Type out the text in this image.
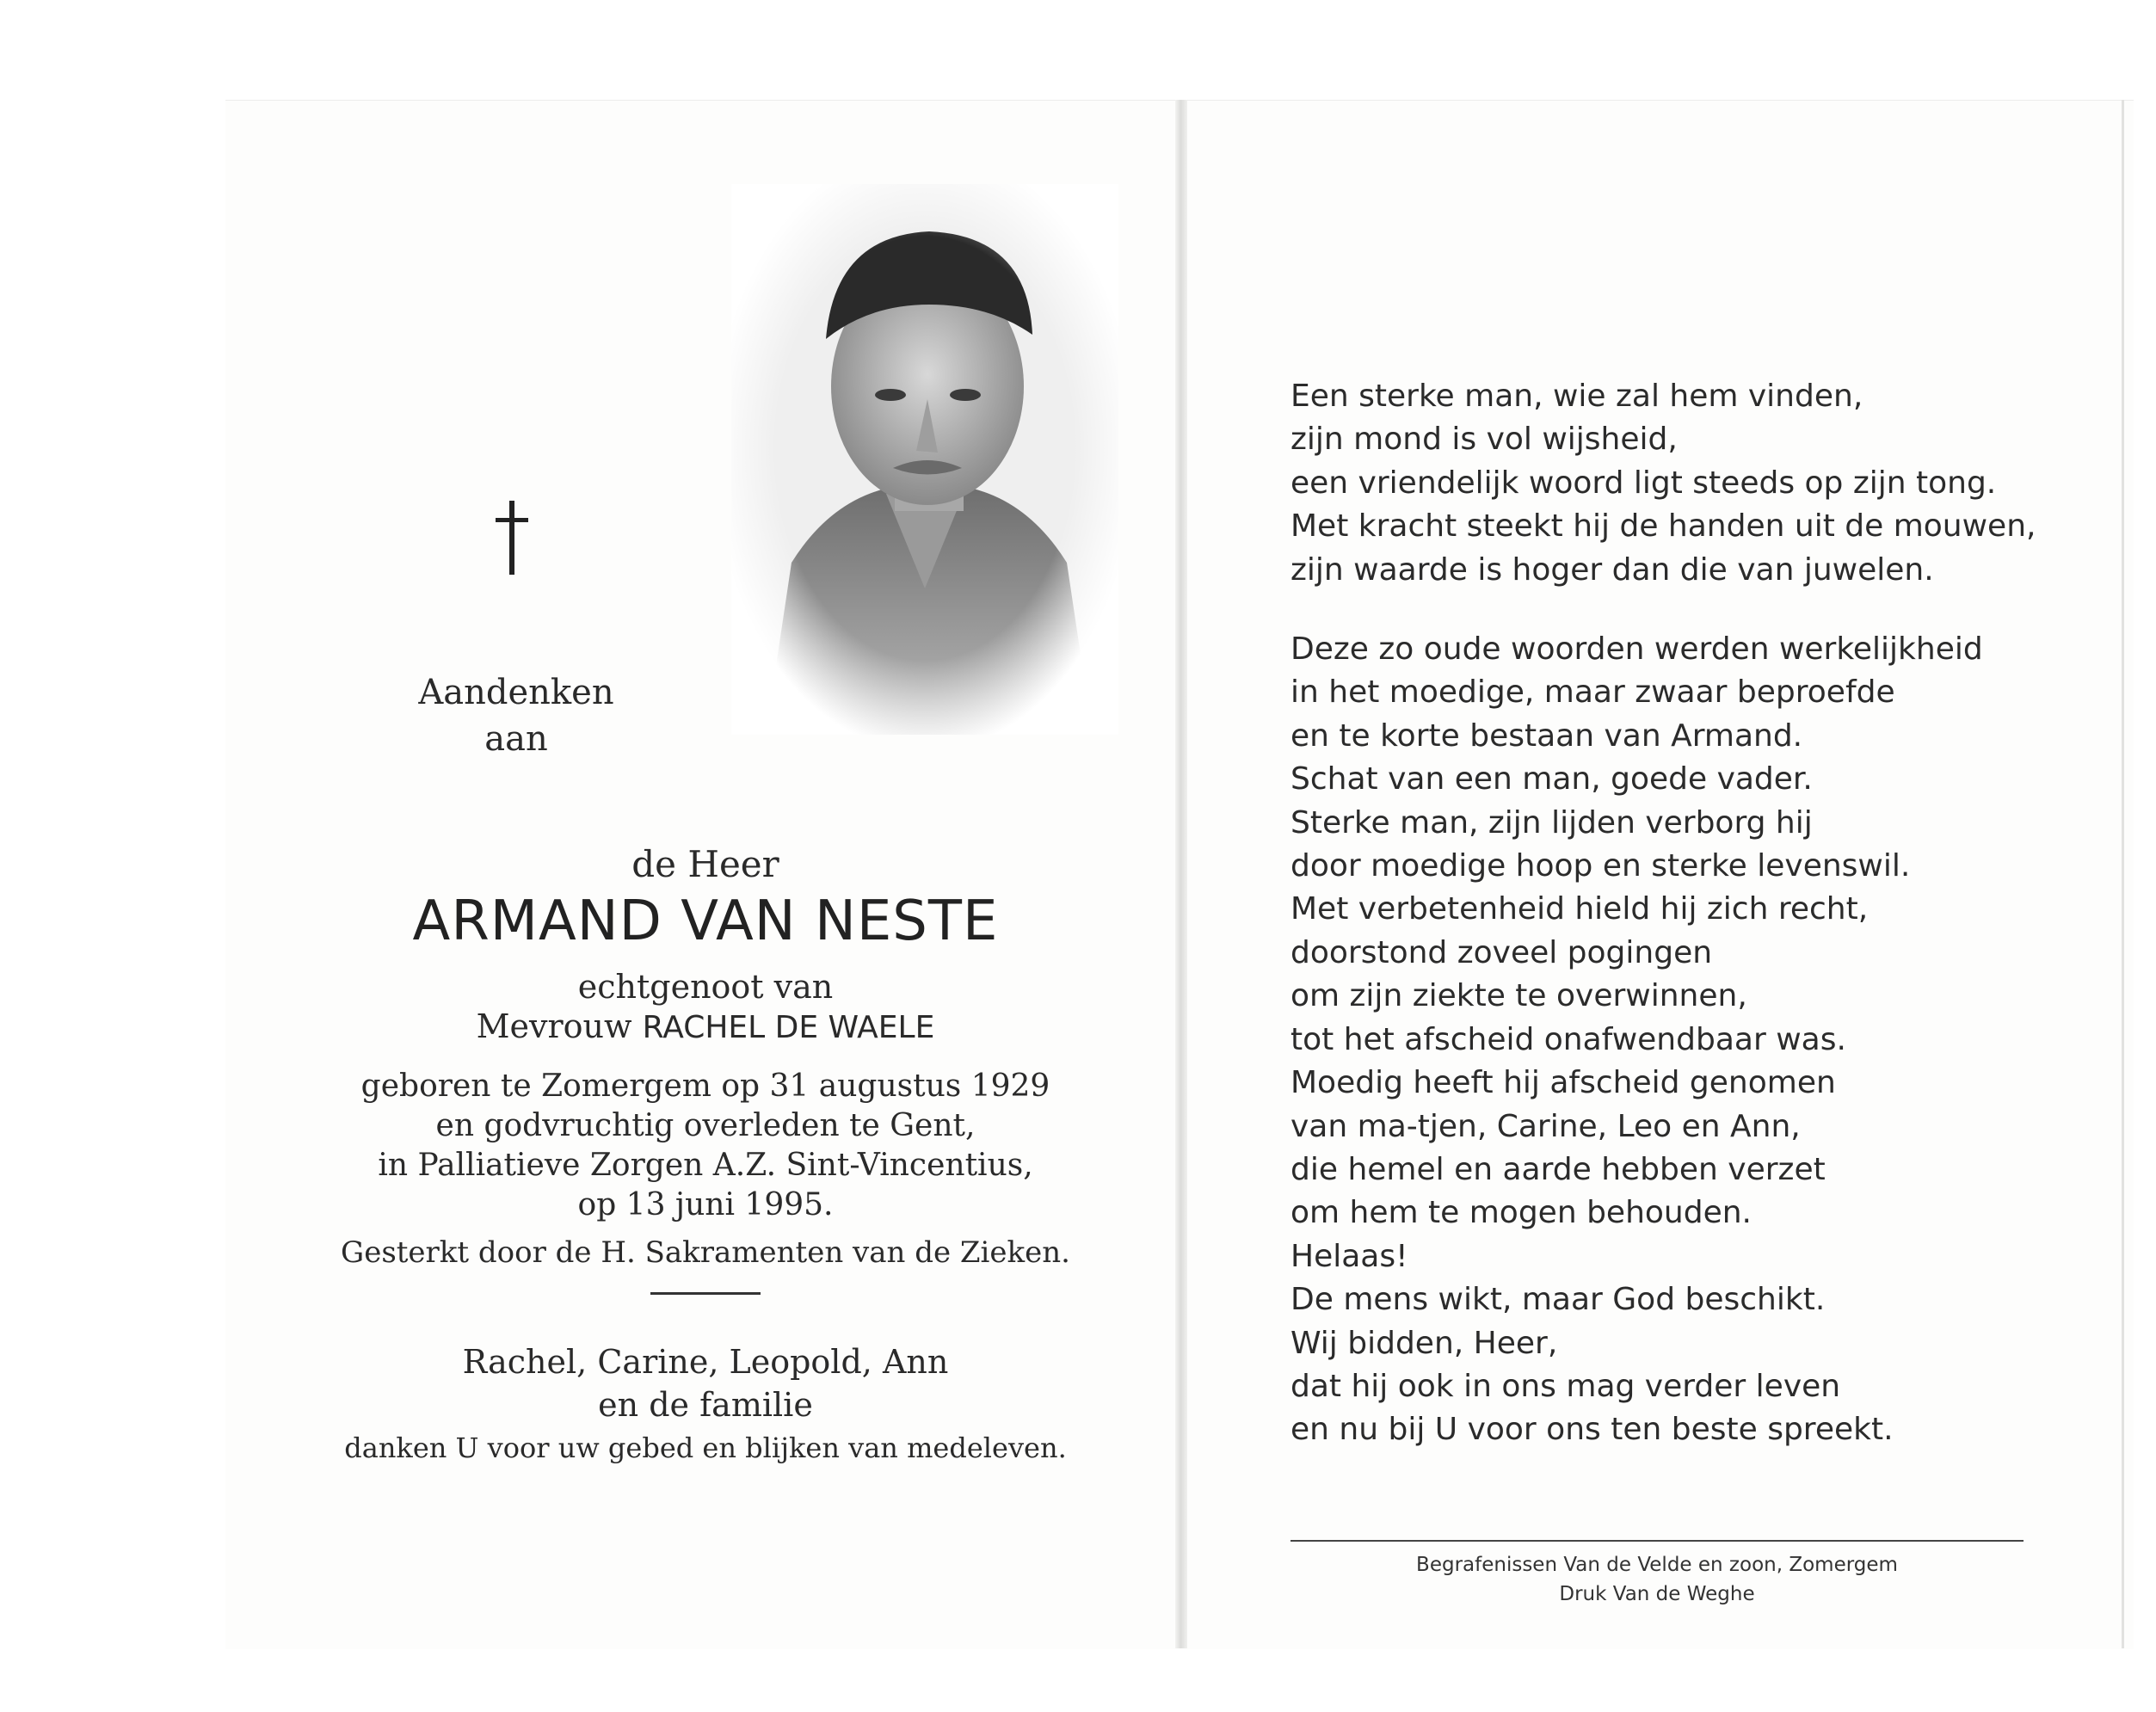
Aandenken
aan
de Heer
ARMAND VAN NESTE
echtgenoot van
Mevrouw RACHEL DE WAELE
geboren te Zomergem op 31 augustus 1929
en godvruchtig overleden te Gent,
in Palliatieve Zorgen A.Z. Sint-Vincentius,
op 13 juni 1995.
Gesterkt door de H. Sakramenten van de Zieken.
Rachel, Carine, Leopold, Ann
en de familie
danken U voor uw gebed en blijken van medeleven.
Een sterke man, wie zal hem vinden,
zijn mond is vol wijsheid,
een vriendelijk woord ligt steeds op zijn tong.
Met kracht steekt hij de handen uit de mouwen,
zijn waarde is hoger dan die van juwelen.
Deze zo oude woorden werden werkelijkheid
in het moedige, maar zwaar beproefde
en te korte bestaan van Armand.
Schat van een man, goede vader.
Sterke man, zijn lijden verborg hij
door moedige hoop en sterke levenswil.
Met verbetenheid hield hij zich recht,
doorstond zoveel pogingen
om zijn ziekte te overwinnen,
tot het afscheid onafwendbaar was.
Moedig heeft hij afscheid genomen
van ma-tjen, Carine, Leo en Ann,
die hemel en aarde hebben verzet
om hem te mogen behouden.
Helaas!
De mens wikt, maar God beschikt.
Wij bidden, Heer,
dat hij ook in ons mag verder leven
en nu bij U voor ons ten beste spreekt.
Begrafenissen Van de Velde en zoon, Zomergem
Druk Van de Weghe
